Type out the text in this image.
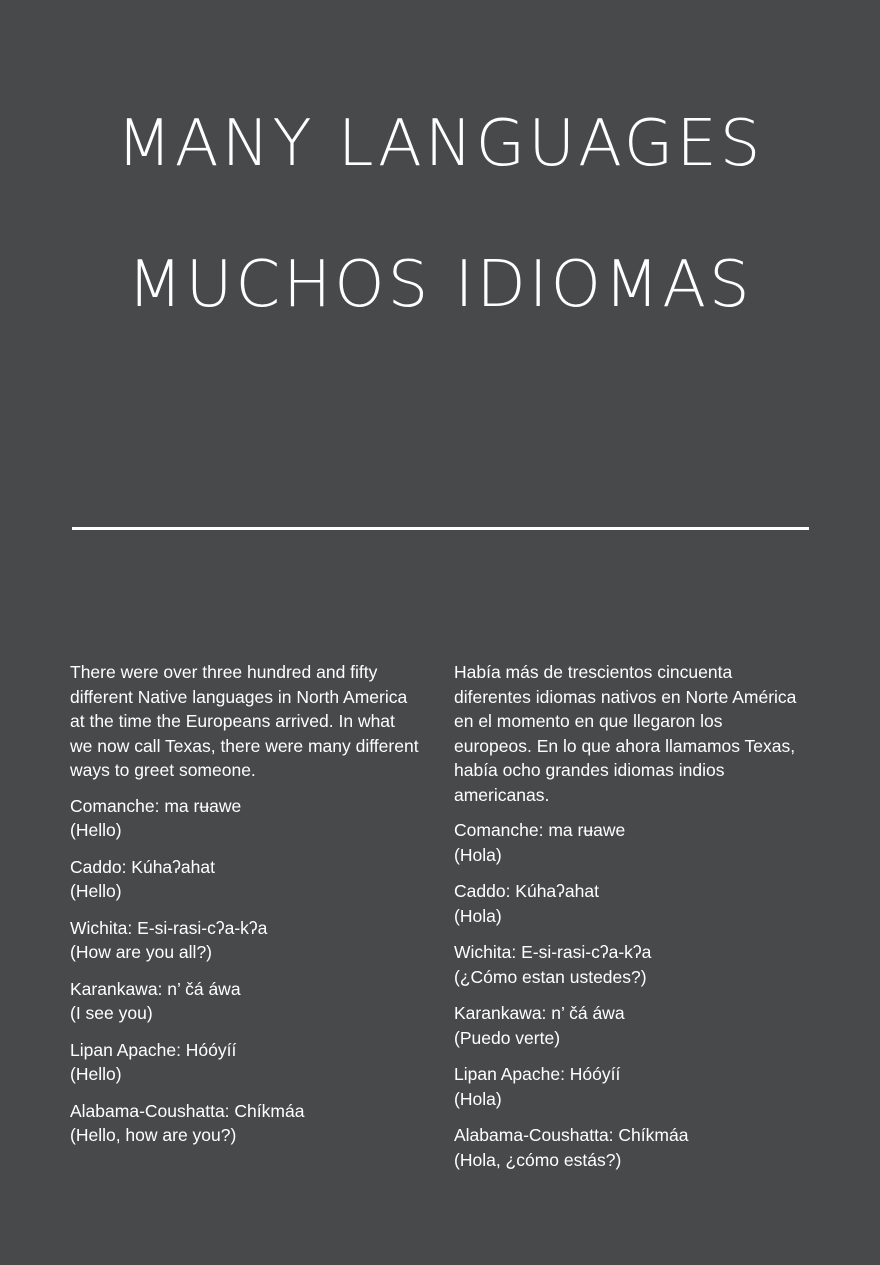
MANY LANGUAGES
MUCHOS IDIOMAS

There were over three hundred and fifty different Native languages in North America at the time the Europeans arrived. In what we now call Texas, there were many different ways to greet someone.

Comanche: ma rʉawe
(Hello)

Caddo: Kúhaʔahat
(Hello)

Wichita: E-si-rasi-cʔa-kʔa
(How are you all?)

Karankawa: n’ čá áwa
(I see you)

Lipan Apache: Hóóyíí
(Hello)

Alabama-Coushatta: Chíkmáa
(Hello, how are you?)

Había más de trescientos cincuenta diferentes idiomas nativos en Norte América en el momento en que llegaron los europeos. En lo que ahora llamamos Texas, había ocho grandes idiomas indios americanas.

Comanche: ma rʉawe
(Hola)

Caddo: Kúhaʔahat
(Hola)

Wichita: E-si-rasi-cʔa-kʔa
(¿Cómo estan ustedes?)

Karankawa: n’ čá áwa
(Puedo verte)

Lipan Apache: Hóóyíí
(Hola)

Alabama-Coushatta: Chíkmáa
(Hola, ¿cómo estás?)
